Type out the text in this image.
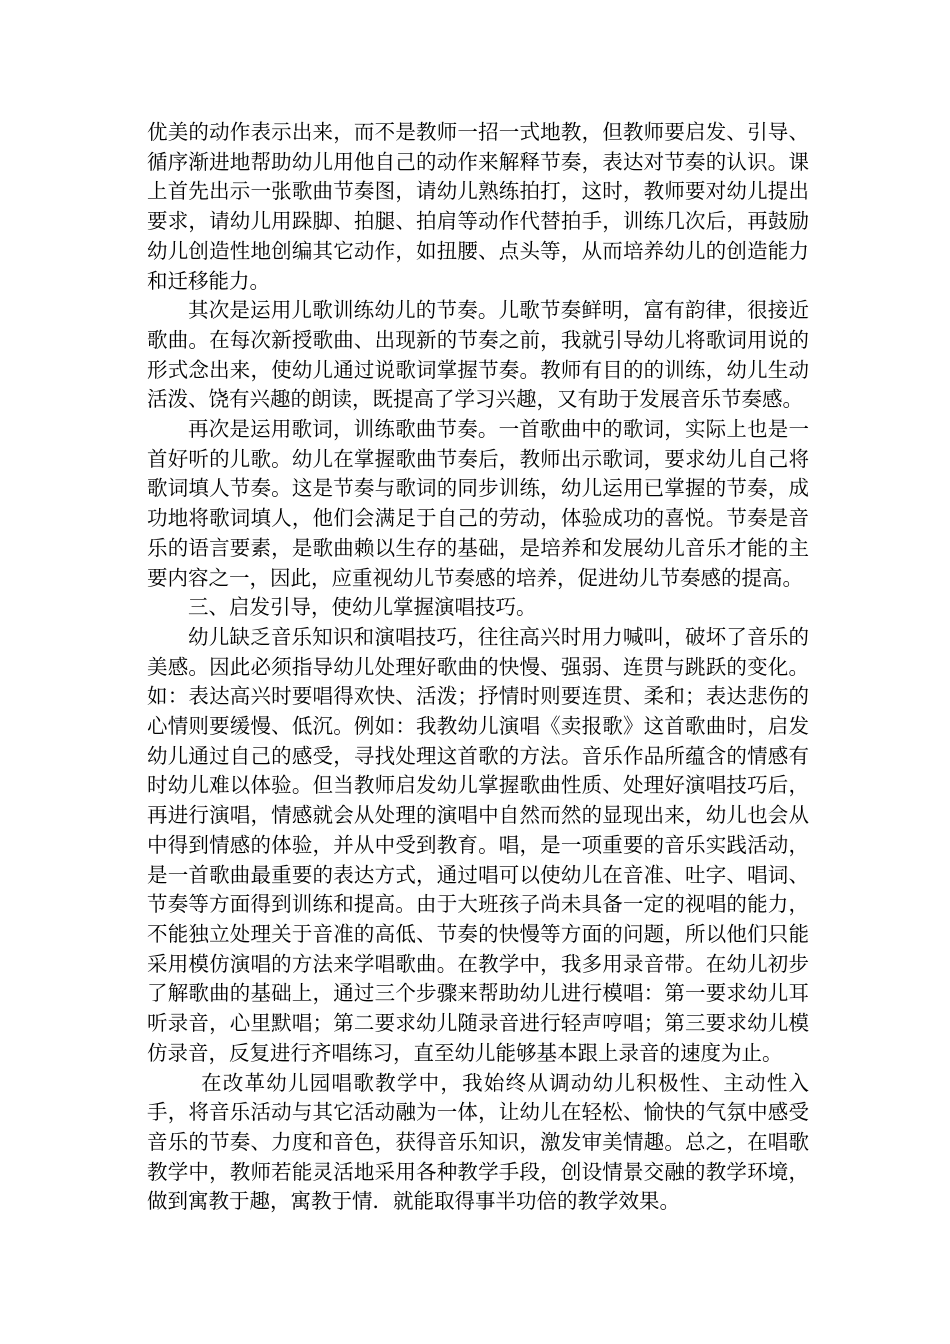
优美的动作表示出来，而不是教师一招一式地教，但教师要启发、引导、循序渐进地帮助幼儿用他自己的动作来解释节奏，表达对节奏的认识。课上首先出示一张歌曲节奏图，请幼儿熟练拍打，这时，教师要对幼儿提出要求，请幼儿用跺脚、拍腿、拍肩等动作代替拍手，训练几次后，再鼓励幼儿创造性地创编其它动作，如扭腰、点头等，从而培养幼儿的创造能力和迁移能力。

其次是运用儿歌训练幼儿的节奏。儿歌节奏鲜明，富有韵律，很接近歌曲。在每次新授歌曲、出现新的节奏之前，我就引导幼儿将歌词用说的形式念出来，使幼儿通过说歌词掌握节奏。教师有目的的训练，幼儿生动活泼、饶有兴趣的朗读，既提高了学习兴趣，又有助于发展音乐节奏感。

再次是运用歌词，训练歌曲节奏。一首歌曲中的歌词，实际上也是一首好听的儿歌。幼儿在掌握歌曲节奏后，教师出示歌词，要求幼儿自己将歌词填人节奏。这是节奏与歌词的同步训练，幼儿运用已掌握的节奏，成功地将歌词填人，他们会满足于自己的劳动，体验成功的喜悦。节奏是音乐的语言要素，是歌曲赖以生存的基础，是培养和发展幼儿音乐才能的主要内容之一，因此，应重视幼儿节奏感的培养，促进幼儿节奏感的提高。

三、启发引导，使幼儿掌握演唱技巧。

幼儿缺乏音乐知识和演唱技巧，往往高兴时用力喊叫，破坏了音乐的美感。因此必须指导幼儿处理好歌曲的快慢、强弱、连贯与跳跃的变化。如：表达高兴时要唱得欢快、活泼；抒情时则要连贯、柔和；表达悲伤的心情则要缓慢、低沉。例如：我教幼儿演唱《卖报歌》这首歌曲时，启发幼儿通过自己的感受，寻找处理这首歌的方法。音乐作品所蕴含的情感有时幼儿难以体验。但当教师启发幼儿掌握歌曲性质、处理好演唱技巧后，再进行演唱，情感就会从处理的演唱中自然而然的显现出来，幼儿也会从中得到情感的体验，并从中受到教育。唱，是一项重要的音乐实践活动，是一首歌曲最重要的表达方式，通过唱可以使幼儿在音准、吐字、唱词、节奏等方面得到训练和提高。由于大班孩子尚未具备一定的视唱的能力，不能独立处理关于音准的高低、节奏的快慢等方面的问题，所以他们只能采用模仿演唱的方法来学唱歌曲。在教学中，我多用录音带。在幼儿初步了解歌曲的基础上，通过三个步骤来帮助幼儿进行模唱：第一要求幼儿耳听录音，心里默唱；第二要求幼儿随录音进行轻声哼唱；第三要求幼儿模仿录音，反复进行齐唱练习，直至幼儿能够基本跟上录音的速度为止。

在改革幼儿园唱歌教学中，我始终从调动幼儿积极性、主动性入手，将音乐活动与其它活动融为一体，让幼儿在轻松、愉快的气氛中感受音乐的节奏、力度和音色，获得音乐知识，激发审美情趣。总之，在唱歌教学中，教师若能灵活地采用各种教学手段，创设情景交融的教学环境，做到寓教于趣，寓教于情．就能取得事半功倍的教学效果。
